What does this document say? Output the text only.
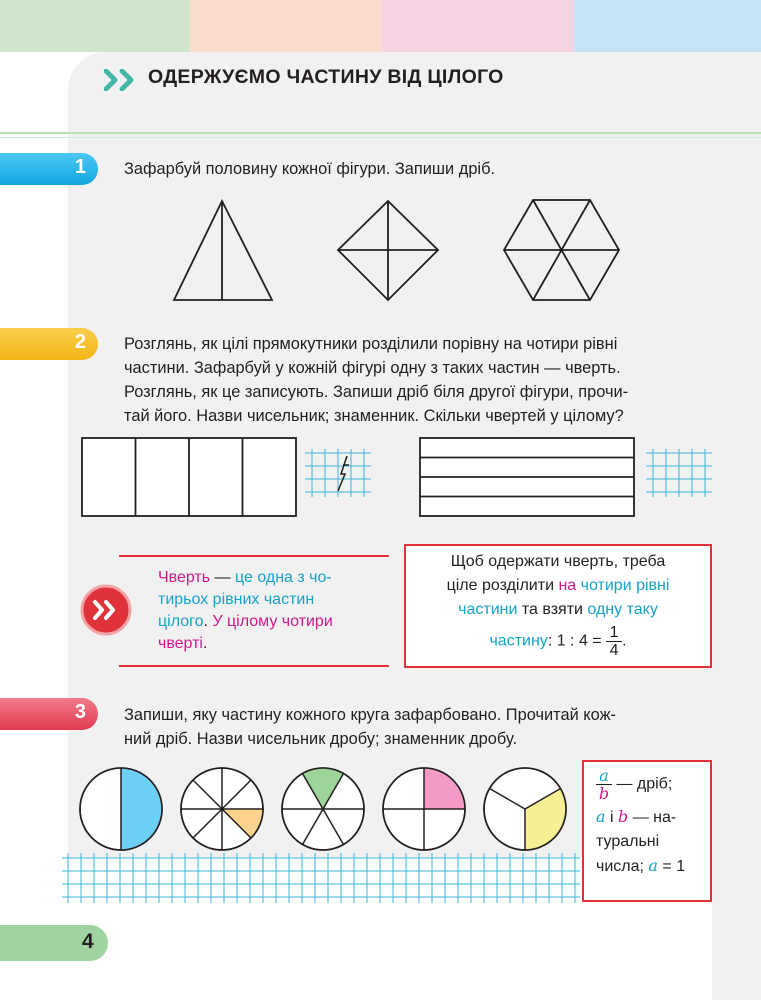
ОДЕРЖУЄМО ЧАСТИНУ ВІД ЦІЛОГО
1 Зафарбуй половину кожної фігури. Запиши дріб.
2 Розглянь, як цілі прямокутники розділили порівну на чотири рівні
частини. Зафарбуй у кожній фігурі одну з таких частин — чверть.
Розглянь, як це записують. Запиши дріб біля другої фігури, прочи-
тай його. Назви чисельник; знаменник. Скільки чвертей у цілому?
Чверть — це одна з чо-
тирьох рівних частин
цілого. У цілому чотири
чверті.
Щоб одержати чверть, треба
ціле розділити на чотири рівні
частини та взяти одну таку
частину: 1 : $4 = \frac{1}{4}$ .
3 Запиши, яку частину кожного круга зафарбовано. Прочитай кож-
ний дріб. Назви чисельник дробу; знаменник дробу.
$\frac{a}{b}$ — дріб;
a і b — на-
туральні
числа; a = 1
4
